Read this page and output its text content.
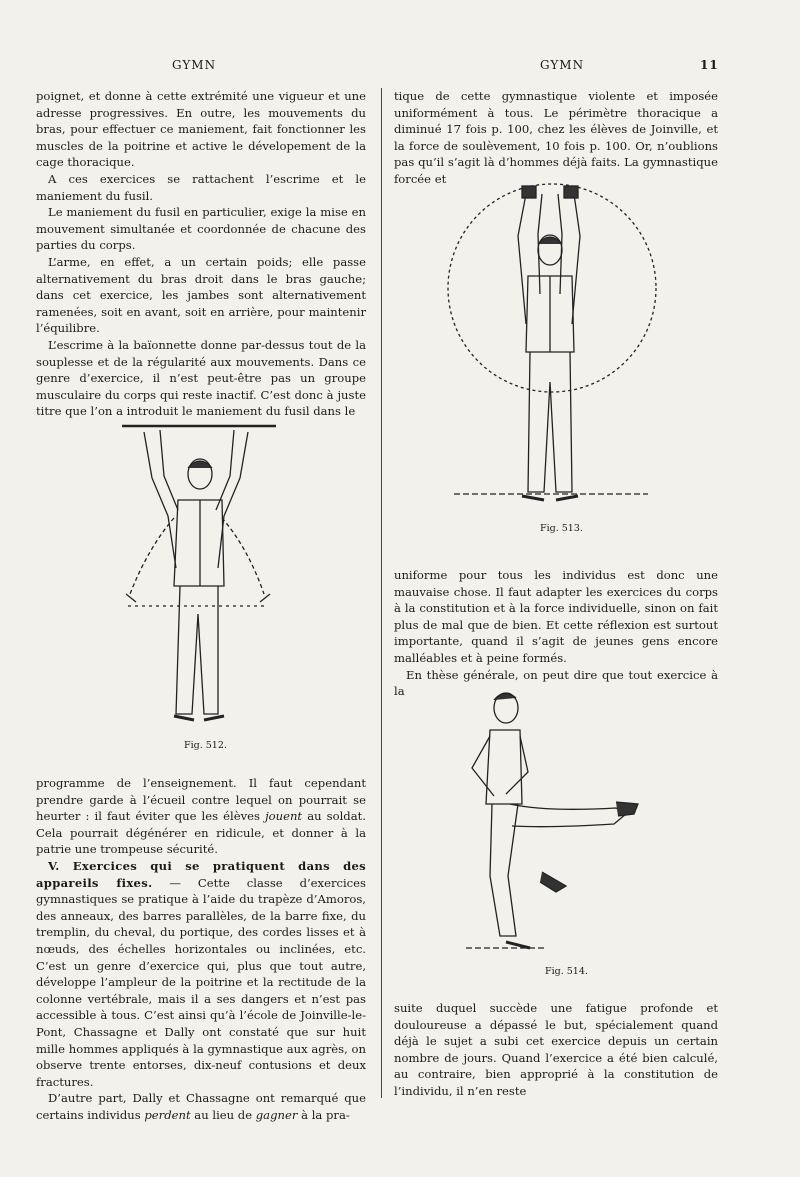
GYMN	GYMN	11

poignet, et donne à cette extrémité une vigueur et une adresse progressives. En outre, les mouvements du bras, pour effectuer ce maniement, fait fonctionner les muscles de la poitrine et active le dévelopement de la cage thoracique.

A ces exercices se rattachent l’escrime et le maniement du fusil.

Le maniement du fusil en particulier, exige la mise en mouvement simultanée et coordonnée de chacune des parties du corps.

L’arme, en effet, a un certain poids; elle passe alternativement du bras droit dans le bras gauche; dans cet exercice, les jambes sont alternativement ramenées, soit en avant, soit en arrière, pour maintenir l’équilibre.

L’escrime à la baïonnette donne par-dessus tout de la souplesse et de la régularité aux mouvements. Dans ce genre d’exercice, il n’est peut-être pas un groupe musculaire du corps qui reste inactif. C’est donc à juste titre que l’on a introduit le maniement du fusil dans le

Fig. 512.

programme de l’enseignement. Il faut cependant prendre garde à l’écueil contre lequel on pourrait se heurter : il faut éviter que les élèves jouent au soldat. Cela pourrait dégénérer en ridicule, et donner à la patrie une trompeuse sécurité.

V. Exercices qui se pratiquent dans des appareils fixes. — Cette classe d’exercices gymnastiques se pratique à l’aide du trapèze d’Amoros, des anneaux, des barres parallèles, de la barre fixe, du tremplin, du cheval, du portique, des cordes lisses et à nœuds, des échelles horizontales ou inclinées, etc. C’est un genre d’exercice qui, plus que tout autre, développe l’ampleur de la poitrine et la rectitude de la colonne vertébrale, mais il a ses dangers et n’est pas accessible à tous. C’est ainsi qu’à l’école de Joinville-le-Pont, Chassagne et Dally ont constaté que sur huit mille hommes appliqués à la gymnastique aux agrès, on observe trente entorses, dix-neuf contusions et deux fractures.

D’autre part, Dally et Chassagne ont remarqué que certains individus perdent au lieu de gagner à la pra-

tique de cette gymnastique violente et imposée uniformément à tous. Le périmètre thoracique a diminué 17 fois p. 100, chez les élèves de Joinville, et la force de soulèvement, 10 fois p. 100. Or, n’oublions pas qu’il s’agit là d’hommes déjà faits. La gymnastique forcée et

Fig. 513.

uniforme pour tous les individus est donc une mauvaise chose. Il faut adapter les exercices du corps à la constitution et à la force individuelle, sinon on fait plus de mal que de bien. Et cette réflexion est surtout importante, quand il s’agit de jeunes gens encore malléables et à peine formés.

En thèse générale, on peut dire que tout exercice à la

Fig. 514.

suite duquel succède une fatigue profonde et douloureuse a dépassé le but, spécialement quand déjà le sujet a subi cet exercice depuis un certain nombre de jours. Quand l’exercice a été bien calculé, au contraire, bien approprié à la constitution de l’individu, il n’en reste
